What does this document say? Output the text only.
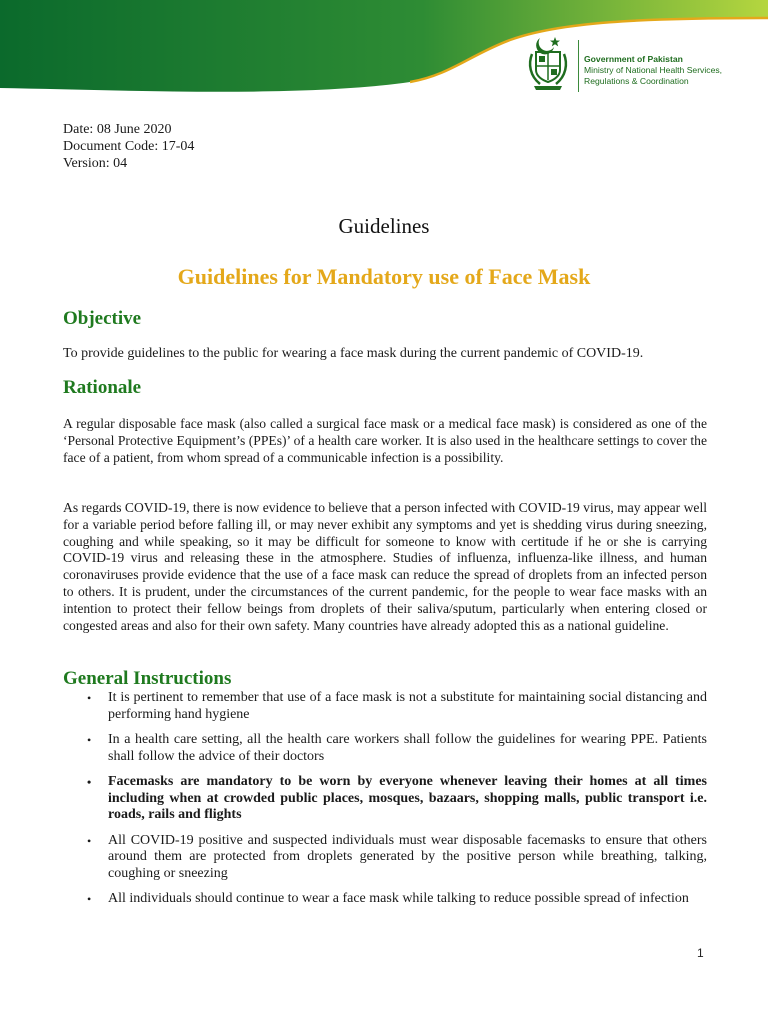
Government of Pakistan
Ministry of National Health Services,
Regulations & Coordination
Date: 08 June 2020
Document Code: 17-04
Version: 04
Guidelines
Guidelines for Mandatory use of Face Mask
Objective
To provide guidelines to the public for wearing a face mask during the current pandemic of COVID-19.
Rationale
A regular disposable face mask (also called a surgical face mask or a medical face mask) is considered as one of the ‘Personal Protective Equipment’s (PPEs)’ of a health care worker. It is also used in the healthcare settings to cover the face of a patient, from whom spread of a communicable infection is a possibility.
As regards COVID-19, there is now evidence to believe that a person infected with COVID-19 virus, may appear well for a variable period before falling ill, or may never exhibit any symptoms and yet is shedding virus during sneezing, coughing and while speaking, so it may be difficult for someone to know with certitude if he or she is carrying COVID-19 virus and releasing these in the atmosphere. Studies of influenza, influenza-like illness, and human coronaviruses provide evidence that the use of a face mask can reduce the spread of droplets from an infected person to others. It is prudent, under the circumstances of the current pandemic, for the people to wear face masks with an intention to protect their fellow beings from droplets of their saliva/sputum, particularly when entering closed or congested areas and also for their own safety. Many countries have already adopted this as a national guideline.
General Instructions
• It is pertinent to remember that use of a face mask is not a substitute for maintaining social distancing and performing hand hygiene
• In a health care setting, all the health care workers shall follow the guidelines for wearing PPE. Patients shall follow the advice of their doctors
• Facemasks are mandatory to be worn by everyone whenever leaving their homes at all times including when at crowded public places, mosques, bazaars, shopping malls, public transport i.e. roads, rails and flights
• All COVID-19 positive and suspected individuals must wear disposable facemasks to ensure that others around them are protected from droplets generated by the positive person while breathing, talking, coughing or sneezing
• All individuals should continue to wear a face mask while talking to reduce possible spread of infection
1
